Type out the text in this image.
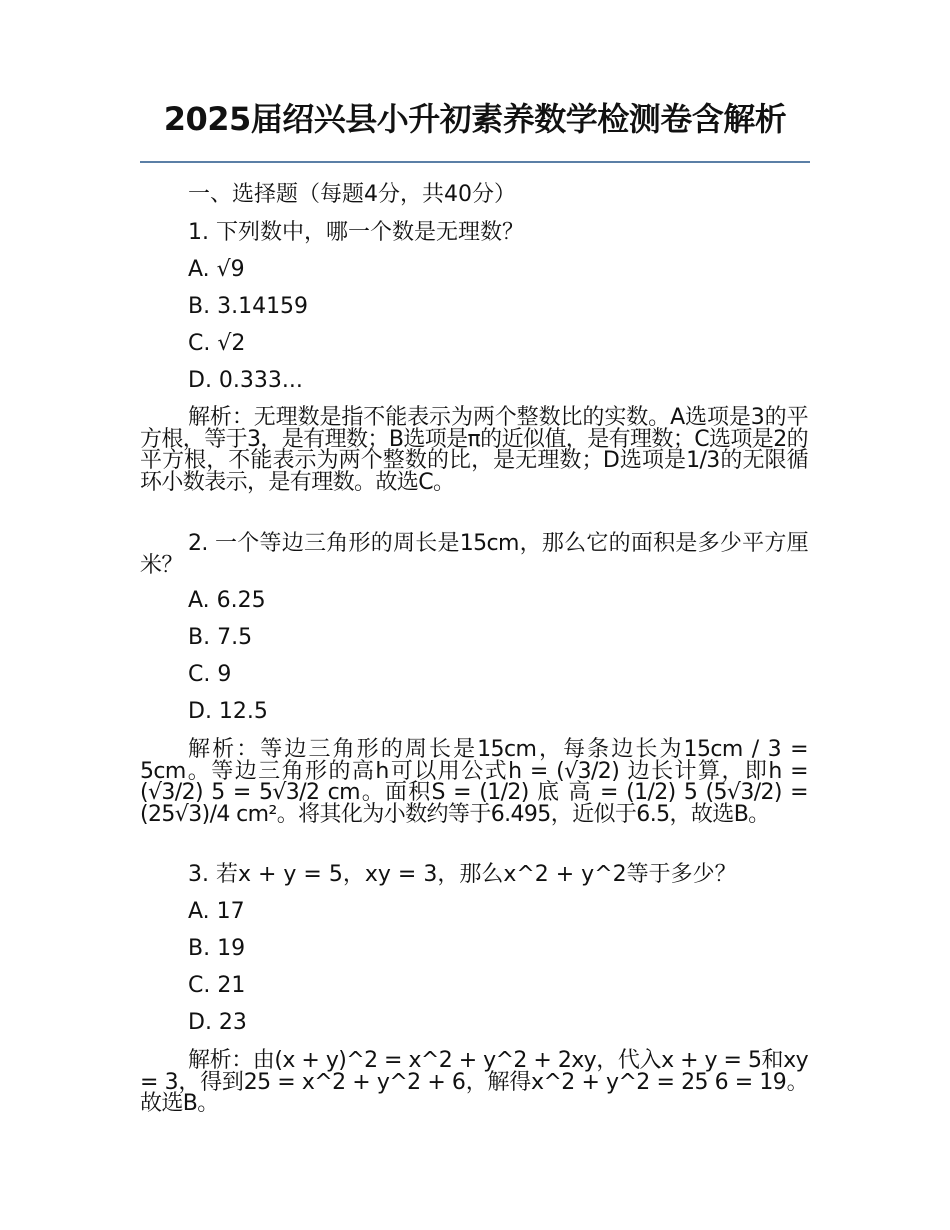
2025届绍兴县小升初素养数学检测卷含解析
一、选择题（每题4分，共40分）
1. 下列数中，哪一个数是无理数？
A. √9
B. 3.14159
C. √2
D. 0.333...

解析：无理数是指不能表示为两个整数比的实数。A选项是3的平方根，等于3，是有理数；B选项是π的近似值，是有理数；C选项是2的平方根，不能表示为两个整数的比，是无理数；D选项是1/3的无限循环小数表示，是有理数。故选C。

2. 一个等边三角形的周长是15cm，那么它的面积是多少平方厘米？

A. 6.25
B. 7.5
C. 9
D. 12.5

解析：等边三角形的周长是15cm，每条边长为15cm / 3 = 5cm。等边三角形的高h可以用公式h = (√3/2) 边长计算，即h = (√3/2) 5 = 5√3/2 cm。面积S = (1/2) 底 高 = (1/2) 5 (5√3/2) = (25√3)/4 cm²。将其化为小数约等于6.495，近似于6.5，故选B。

3. 若x + y = 5，xy = 3，那么x^2 + y^2等于多少？
A. 17
B. 19
C. 21
D. 23

解析：由(x + y)^2 = x^2 + y^2 + 2xy，代入x + y = 5和xy = 3，得到25 = x^2 + y^2 + 6，解得x^2 + y^2 = 25 6 = 19。故选B。
